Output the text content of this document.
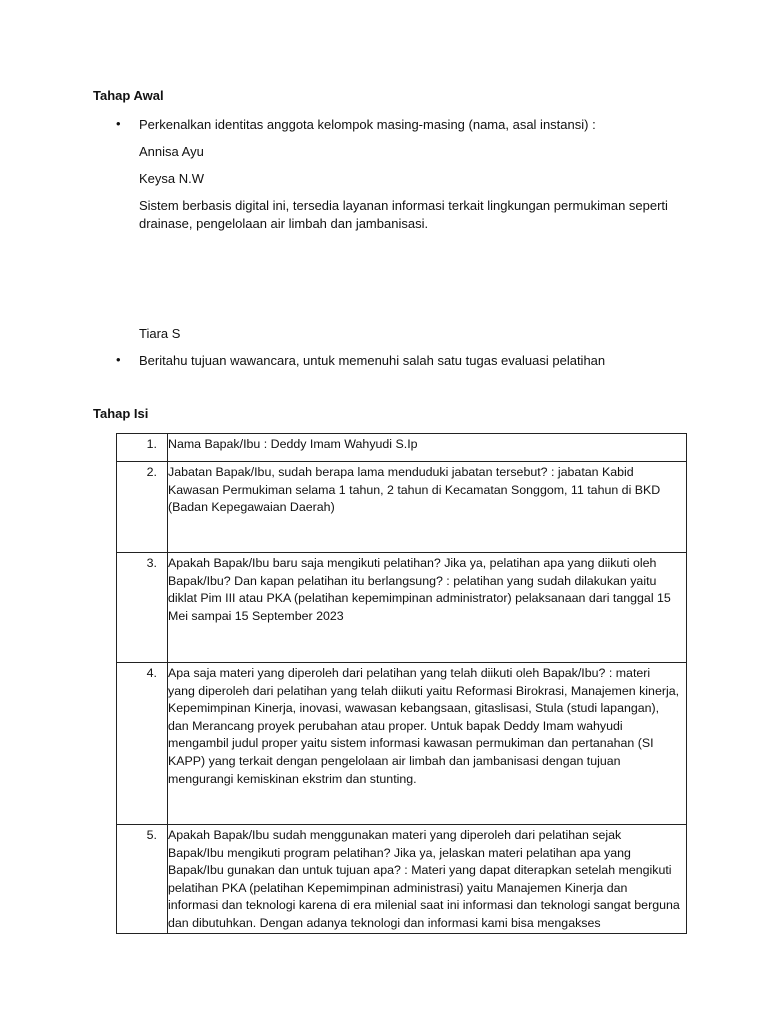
Tahap Awal
• Perkenalkan identitas anggota kelompok masing-masing (nama, asal instansi) :
Annisa Ayu
Keysa N.W
Sistem berbasis digital ini, tersedia layanan informasi terkait lingkungan permukiman seperti drainase, pengelolaan air limbah dan jambanisasi.
Tiara S
• Beritahu tujuan wawancara, untuk memenuhi salah satu tugas evaluasi pelatihan
Tahap Isi
1.	Nama Bapak/Ibu : Deddy Imam Wahyudi S.Ip
2.	Jabatan Bapak/Ibu, sudah berapa lama menduduki jabatan tersebut? : jabatan Kabid Kawasan Permukiman selama 1 tahun, 2 tahun di Kecamatan Songgom, 11 tahun di BKD (Badan Kepegawaian Daerah)
3.	Apakah Bapak/Ibu baru saja mengikuti pelatihan? Jika ya, pelatihan apa yang diikuti oleh Bapak/Ibu? Dan kapan pelatihan itu berlangsung? : pelatihan yang sudah dilakukan yaitu diklat Pim III atau PKA (pelatihan kepemimpinan administrator) pelaksanaan dari tanggal 15 Mei sampai 15 September 2023
4.	Apa saja materi yang diperoleh dari pelatihan yang telah diikuti oleh Bapak/Ibu? : materi yang diperoleh dari pelatihan yang telah diikuti yaitu Reformasi Birokrasi, Manajemen kinerja, Kepemimpinan Kinerja, inovasi, wawasan kebangsaan, gitaslisasi, Stula (studi lapangan), dan Merancang proyek perubahan atau proper. Untuk bapak Deddy Imam wahyudi mengambil judul proper yaitu sistem informasi kawasan permukiman dan pertanahan (SI KAPP) yang terkait dengan pengelolaan air limbah dan jambanisasi dengan tujuan mengurangi kemiskinan ekstrim dan stunting.
5.	Apakah Bapak/Ibu sudah menggunakan materi yang diperoleh dari pelatihan sejak Bapak/Ibu mengikuti program pelatihan? Jika ya, jelaskan materi pelatihan apa yang Bapak/Ibu gunakan dan untuk tujuan apa? : Materi yang dapat diterapkan setelah mengikuti pelatihan PKA (pelatihan Kepemimpinan administrasi) yaitu Manajemen Kinerja dan informasi dan teknologi karena di era milenial saat ini informasi dan teknologi sangat berguna dan dibutuhkan. Dengan adanya teknologi dan informasi kami bisa mengakses
